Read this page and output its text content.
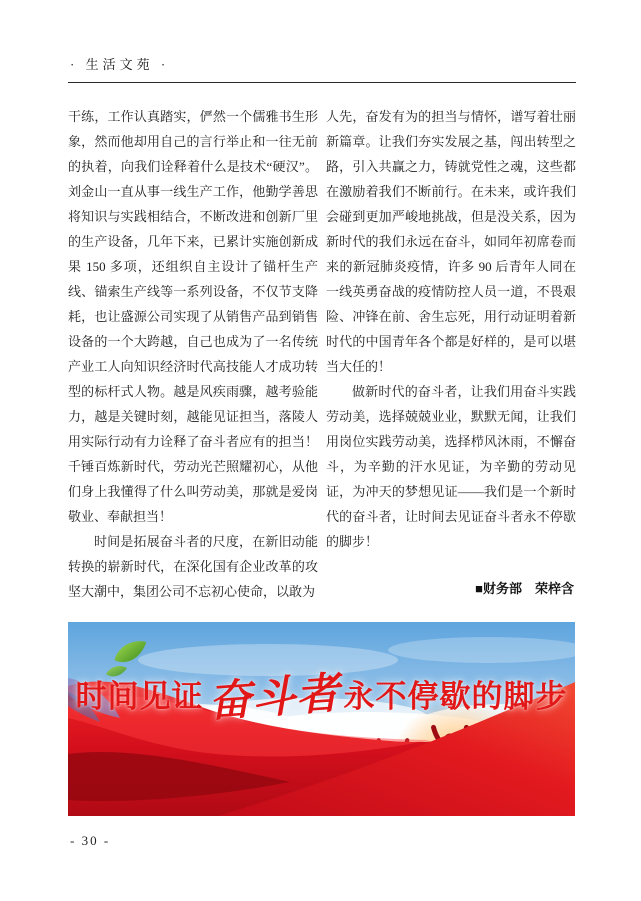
· 生活文苑 ·

干练，工作认真踏实，俨然一个儒雅书生形象，然而他却用自己的言行举止和一往无前的执着，向我们诠释着什么是技术“硬汉”。刘金山一直从事一线生产工作，他勤学善思将知识与实践相结合，不断改进和创新厂里的生产设备，几年下来，已累计实施创新成果 150 多项，还组织自主设计了锚杆生产线、锚索生产线等一系列设备，不仅节支降耗，也让盛源公司实现了从销售产品到销售设备的一个大跨越，自己也成为了一名传统产业工人向知识经济时代高技能人才成功转型的标杆式人物。越是风疾雨骤，越考验能力，越是关键时刻，越能见证担当，落陵人用实际行动有力诠释了奋斗者应有的担当！千锤百炼新时代，劳动光芒照耀初心，从他们身上我懂得了什么叫劳动美，那就是爱岗敬业、奉献担当！

时间是拓展奋斗者的尺度，在新旧动能转换的崭新时代，在深化国有企业改革的攻坚大潮中，集团公司不忘初心使命，以敢为

人先，奋发有为的担当与情怀，谱写着壮丽新篇章。让我们夯实发展之基，闯出转型之路，引入共赢之力，铸就党性之魂，这些都在激励着我们不断前行。在未来，或许我们会碰到更加严峻地挑战，但是没关系，因为新时代的我们永远在奋斗，如同年初席卷而来的新冠肺炎疫情，许多 90 后青年人同在一线英勇奋战的疫情防控人员一道，不畏艰险、冲锋在前、舍生忘死，用行动证明着新时代的中国青年各个都是好样的，是可以堪当大任的！

做新时代的奋斗者，让我们用奋斗实践劳动美，选择兢兢业业，默默无闻，让我们用岗位实践劳动美，选择栉风沐雨，不懈奋斗，为辛勤的汗水见证，为辛勤的劳动见证，为冲天的梦想见证——我们是一个新时代的奋斗者，让时间去见证奋斗者永不停歇的脚步！

■财务部　荣梓含

时间见证奋斗者永不停歇的脚步
- 30 -
